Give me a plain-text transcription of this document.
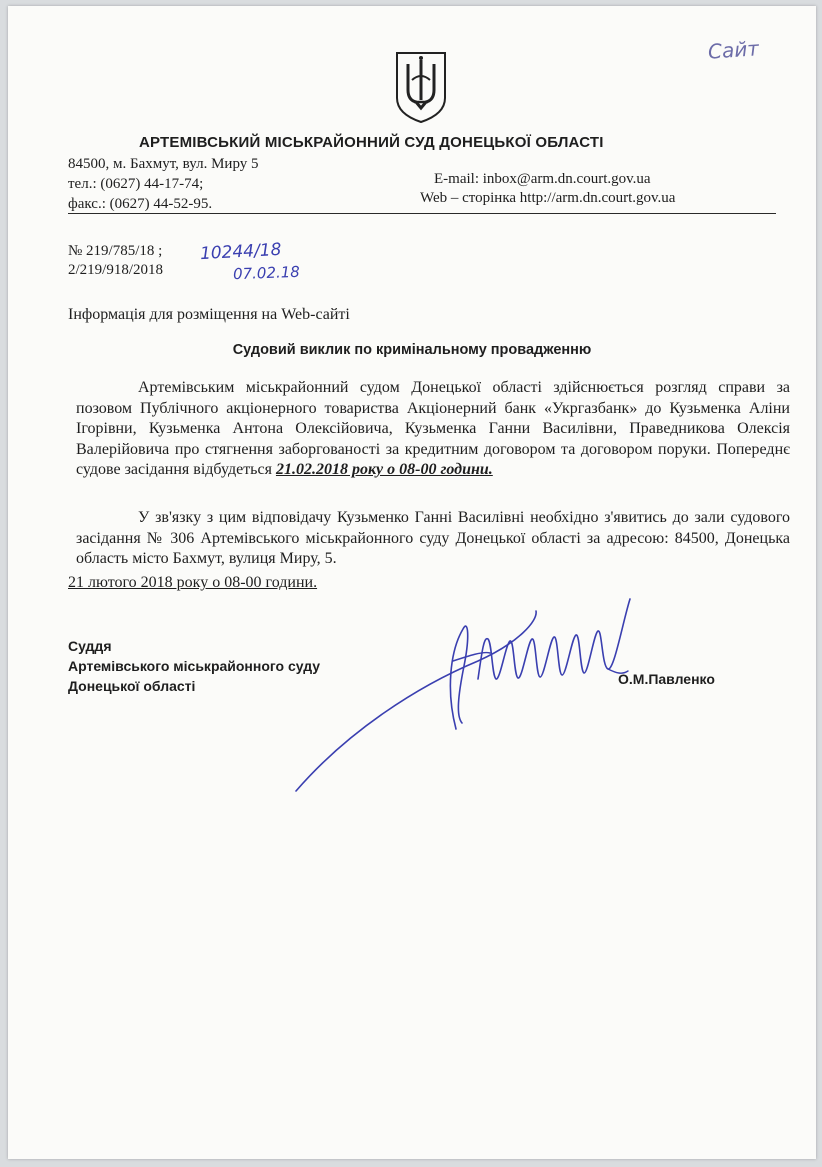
Сайт
АРТЕМІВСЬКИЙ МІСЬКРАЙОННИЙ СУД ДОНЕЦЬКОЇ ОБЛАСТІ
84500, м. Бахмут, вул. Миру 5
тел.: (0627) 44-17-74;
факс.: (0627) 44-52-95.
E-mail: inbox@arm.dn.court.gov.ua
Web – сторінка http://arm.dn.court.gov.ua
№ 219/785/18 ;
2/219/918/2018
10244/18
07.02.18
Інформація для розміщення на Web-сайті
Судовий виклик по кримінальному провадженню
Артемівським міськрайонний судом Донецької області здійснюється розгляд справи за позовом Публічного акціонерного товариства Акціонерний банк «Укргазбанк» до Кузьменка Аліни Ігорівни, Кузьменка Антона Олексійовича, Кузьменка Ганни Василівни, Праведникова Олексія Валерійовича про стягнення заборгованості за кредитним договором та договором поруки. Попереднє судове засідання відбудеться 21.02.2018 року о 08-00 години.
У зв'язку з цим відповідачу Кузьменко Ганні Василівні необхідно з'явитись до зали судового засідання № 306 Артемівського міськрайонного суду Донецької області за адресою: 84500, Донецька область місто Бахмут, вулиця Миру, 5.
21 лютого 2018 року о 08-00 години.
Суддя
Артемівського міськрайонного суду
Донецької області	О.М.Павленко
